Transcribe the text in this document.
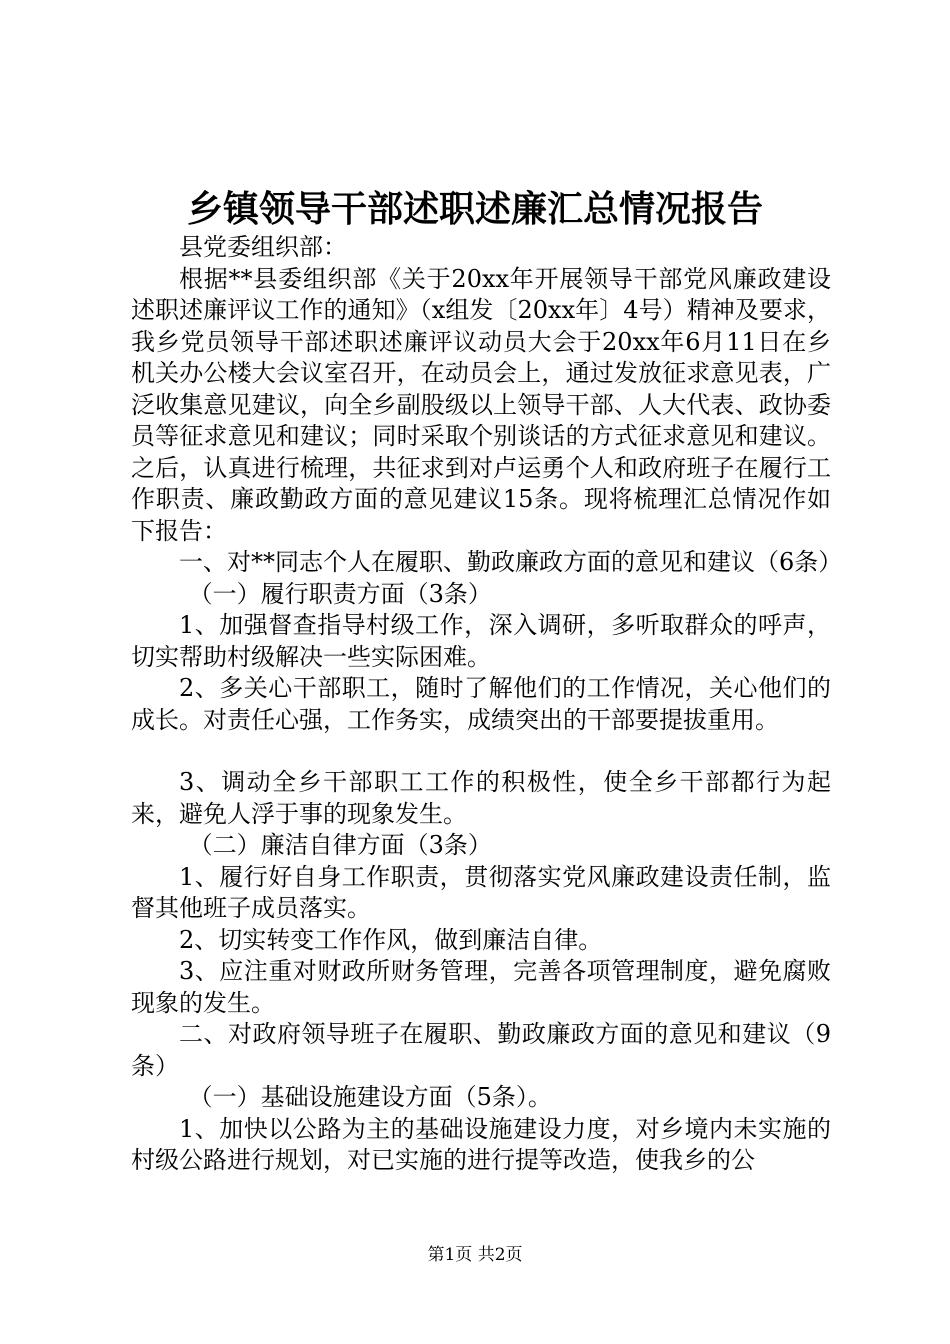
乡镇领导干部述职述廉汇总情况报告

县党委组织部：

根据**县委组织部《关于20xx年开展领导干部党风廉政建设述职述廉评议工作的通知》（x组发〔20xx年〕4号）精神及要求，我乡党员领导干部述职述廉评议动员大会于20xx年6月11日在乡机关办公楼大会议室召开，在动员会上，通过发放征求意见表，广泛收集意见建议，向全乡副股级以上领导干部、人大代表、政协委员等征求意见和建议；同时采取个别谈话的方式征求意见和建议。之后，认真进行梳理，共征求到对卢运勇个人和政府班子在履行工作职责、廉政勤政方面的意见建议15条。现将梳理汇总情况作如下报告：

一、对**同志个人在履职、勤政廉政方面的意见和建议（6条）

（一）履行职责方面（3条）

1、加强督查指导村级工作，深入调研，多听取群众的呼声，切实帮助村级解决一些实际困难。

2、多关心干部职工，随时了解他们的工作情况，关心他们的成长。对责任心强，工作务实，成绩突出的干部要提拔重用。

3、调动全乡干部职工工作的积极性，使全乡干部都行为起来，避免人浮于事的现象发生。

（二）廉洁自律方面（3条）

1、履行好自身工作职责，贯彻落实党风廉政建设责任制，监督其他班子成员落实。

2、切实转变工作作风，做到廉洁自律。

3、应注重对财政所财务管理，完善各项管理制度，避免腐败现象的发生。

二、对政府领导班子在履职、勤政廉政方面的意见和建议（9条）

（一）基础设施建设方面（5条）。

1、加快以公路为主的基础设施建设力度，对乡境内未实施的村级公路进行规划，对已实施的进行提等改造，使我乡的公

第1页 共2页
